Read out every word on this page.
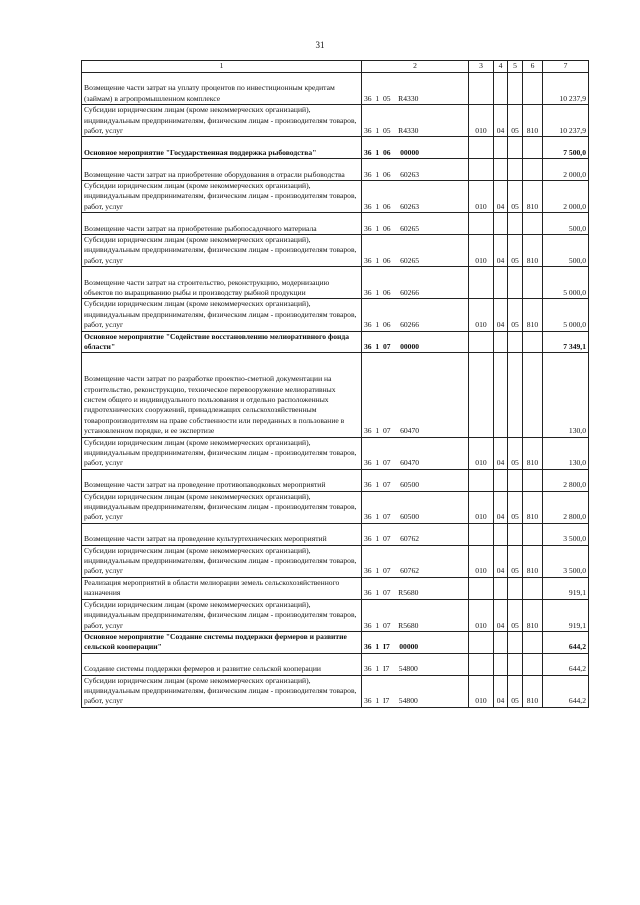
31
1	2	3	4	5	6	7
Возмещение части затрат на уплату процентов по инвестиционным кредитам (займам) в агропромышленном комплексе	36  1  05    R4330					10 237,9
Субсидии юридическим лицам (кроме некоммерческих организаций), индивидуальным предпринимателям, физическим лицам - производителям товаров, работ, услуг	36  1  05    R4330	010	04	05	810	10 237,9
Основное мероприятие "Государственная поддержка рыбоводства"	36  1  06     00000					7 500,0
Возмещение части затрат на приобретение оборудования в отрасли рыбоводства	36  1  06     60263					2 000,0
Субсидии юридическим лицам (кроме некоммерческих организаций), индивидуальным предпринимателям, физическим лицам - производителям товаров, работ, услуг	36  1  06     60263	010	04	05	810	2 000,0
Возмещение части затрат на приобретение рыбопосадочного материала	36  1  06     60265					500,0
Субсидии юридическим лицам (кроме некоммерческих организаций), индивидуальным предпринимателям, физическим лицам - производителям товаров, работ, услуг	36  1  06     60265	010	04	05	810	500,0
Возмещение части затрат на строительство, реконструкцию, модернизацию объектов по выращиванию рыбы и производству рыбной продукции	36  1  06     60266					5 000,0
Субсидии юридическим лицам (кроме некоммерческих организаций), индивидуальным предпринимателям, физическим лицам - производителям товаров, работ, услуг	36  1  06     60266	010	04	05	810	5 000,0
Основное мероприятие "Содействие восстановлению мелиоративного фонда области"	36  1  07     00000					7 349,1
Возмещение части затрат по разработке проектно-сметной документации на строительство, реконструкцию, техническое перевооружение мелиоративных систем общего и индивидуального пользования и отдельно расположенных гидротехнических сооружений, принадлежащих сельскохозяйственным товаропроизводителям на праве собственности или переданных в пользование в установленном порядке, и ее экспертизе	36  1  07     60470					130,0
Субсидии юридическим лицам (кроме некоммерческих организаций), индивидуальным предпринимателям, физическим лицам - производителям товаров, работ, услуг	36  1  07     60470	010	04	05	810	130,0
Возмещение части затрат на проведение противопаводковых мероприятий	36  1  07     60500					2 800,0
Субсидии юридическим лицам (кроме некоммерческих организаций), индивидуальным предпринимателям, физическим лицам - производителям товаров, работ, услуг	36  1  07     60500	010	04	05	810	2 800,0
Возмещение части затрат на проведение культуртехнических мероприятий	36  1  07     60762					3 500,0
Субсидии юридическим лицам (кроме некоммерческих организаций), индивидуальным предпринимателям, физическим лицам - производителям товаров, работ, услуг	36  1  07     60762	010	04	05	810	3 500,0
Реализация мероприятий в области мелиорации земель сельскохозяйственного назначения	36  1  07    R5680					919,1
Субсидии юридическим лицам (кроме некоммерческих организаций), индивидуальным предпринимателям, физическим лицам - производителям товаров, работ, услуг	36  1  07    R5680	010	04	05	810	919,1
Основное мероприятие "Создание системы поддержки фермеров и развитие сельской кооперации"	36  1  I7     00000					644,2
Создание системы поддержки фермеров и развитие сельской кооперации	36  1  I7     54800					644,2
Субсидии юридическим лицам (кроме некоммерческих организаций), индивидуальным предпринимателям, физическим лицам - производителям товаров, работ, услуг	36  1  I7     54800	010	04	05	810	644,2
